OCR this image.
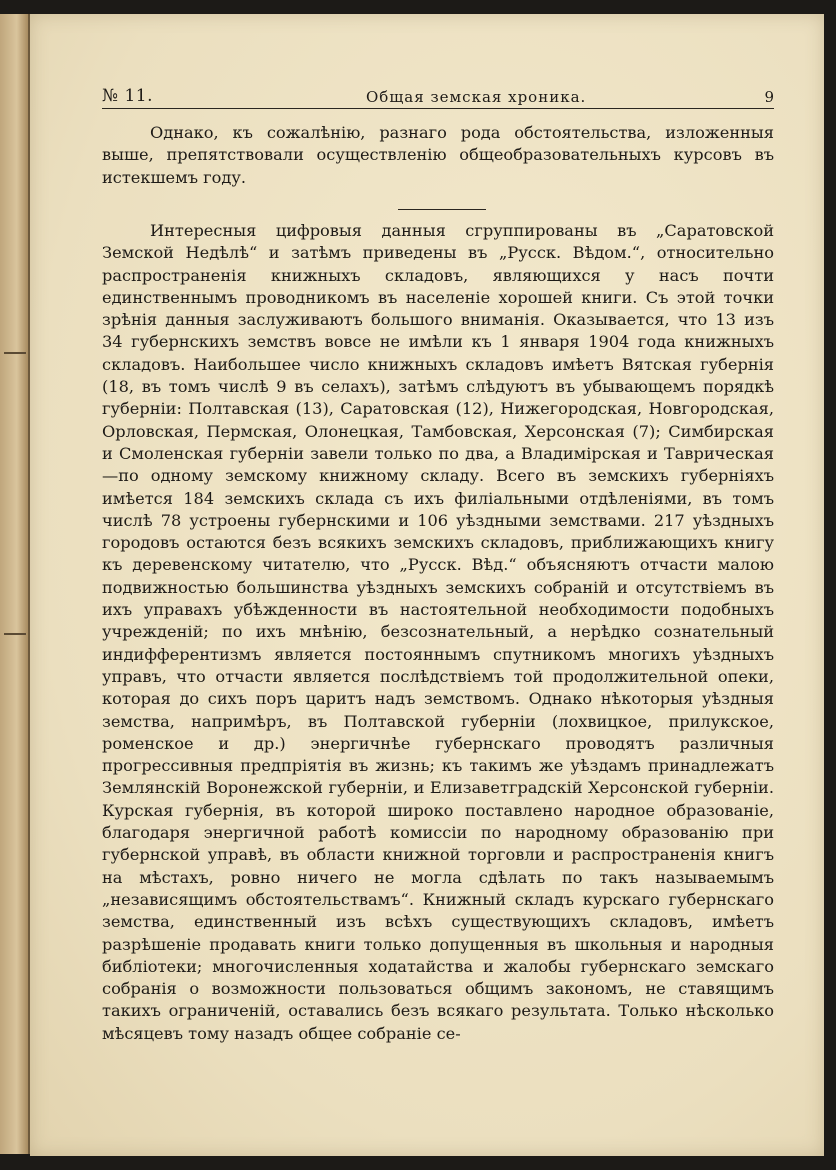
№ 11.	Общая земская хроника.	9

Однако, къ сожалѣнію, разнаго рода обстоятельства, изложенныя выше, препятствовали осуществленію общеобразовательныхъ курсовъ въ истекшемъ году.

Интересныя цифровыя данныя сгруппированы въ „Саратовской Земской Недѣлѣ“ и затѣмъ приведены въ „Русск. Вѣдом.“, относительно распространенія книжныхъ складовъ, являющихся у насъ почти единственнымъ проводникомъ въ населеніе хорошей книги. Съ этой точки зрѣнія данныя заслуживаютъ большого вниманія. Оказывается, что 13 изъ 34 губернскихъ земствъ вовсе не имѣли къ 1 января 1904 года книжныхъ складовъ. Наибольшее число книжныхъ складовъ имѣетъ Вятская губернія (18, въ томъ числѣ 9 въ селахъ), затѣмъ слѣдуютъ въ убывающемъ порядкѣ губерніи: Полтавская (13), Саратовская (12), Нижегородская, Новгородская, Орловская, Пермская, Олонецкая, Тамбовская, Херсонская (7); Симбирская и Смоленская губерніи завели только по два, а Владимірская и Таврическая—по одному земскому книжному складу. Всего въ земскихъ губерніяхъ имѣется 184 земскихъ склада съ ихъ филіальными отдѣленіями, въ томъ числѣ 78 устроены губернскими и 106 уѣздными земствами. 217 уѣздныхъ городовъ остаются безъ всякихъ земскихъ складовъ, приближающихъ книгу къ деревенскому читателю, что „Русск. Вѣд.“ объясняютъ отчасти малою подвижностью большинства уѣздныхъ земскихъ собраній и отсутствіемъ въ ихъ управахъ убѣжденности въ настоятельной необходимости подобныхъ учрежденій; по ихъ мнѣнію, безсознательный, а нерѣдко сознательный индифферентизмъ является постояннымъ спутникомъ многихъ уѣздныхъ управъ, что отчасти является послѣдствіемъ той продолжительной опеки, которая до сихъ поръ царитъ надъ земствомъ. Однако нѣкоторыя уѣздныя земства, напримѣръ, въ Полтавской губерніи (лохвицкое, прилукское, роменское и др.) энергичнѣе губернскаго проводятъ различныя прогрессивныя предпріятія въ жизнь; къ такимъ же уѣздамъ принадлежатъ Землянскій Воронежской губерніи, и Елизаветградскій Херсонской губерніи. Курская губернія, въ которой широко поставлено народное образованіе, благодаря энергичной работѣ комиссіи по народному образованію при губернской управѣ, въ области книжной торговли и распространенія книгъ на мѣстахъ, ровно ничего не могла сдѣлать по такъ называемымъ „независящимъ обстоятельствамъ“. Книжный складъ курскаго губернскаго земства, единственный изъ всѣхъ существующихъ складовъ, имѣетъ разрѣшеніе продавать книги только допущенныя въ школьныя и народныя библіотеки; многочисленныя ходатайства и жалобы губернскаго земскаго собранія о возможности пользоваться общимъ закономъ, не ставящимъ такихъ ограниченій, оставались безъ всякаго результата. Только нѣсколько мѣсяцевъ тому назадъ общее собраніе се-
